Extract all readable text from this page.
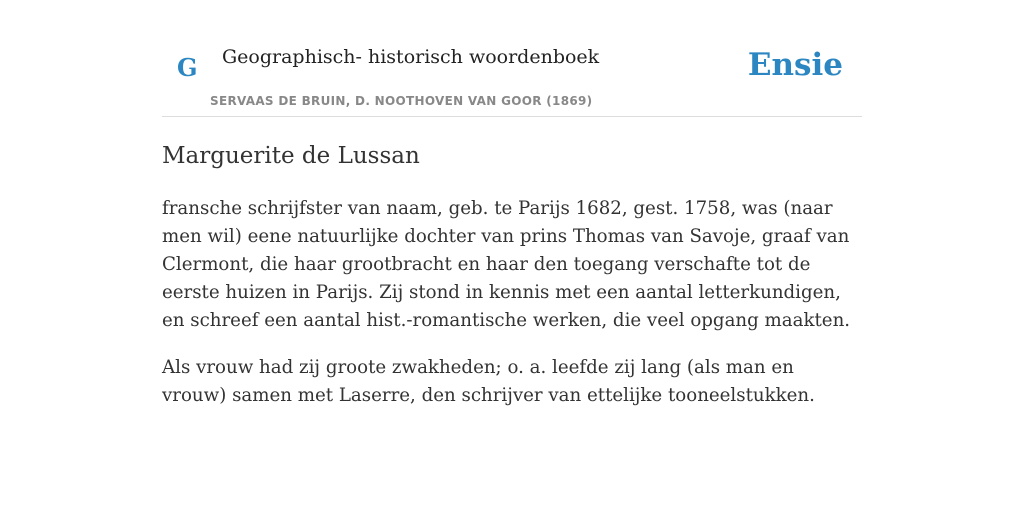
G Geographisch- historisch woordenboek
SERVAAS DE BRUIN, D. NOOTHOVEN VAN GOOR (1869)
Ensie
Marguerite de Lussan

fransche schrijfster van naam, geb. te Parijs 1682, gest. 1758, was (naar men wil) eene natuurlijke dochter van prins Thomas van Savoje, graaf van Clermont, die haar grootbracht en haar den toegang verschafte tot de eerste huizen in Parijs. Zij stond in kennis met een aantal letterkundigen, en schreef een aantal hist.-romantische werken, die veel opgang maakten.

Als vrouw had zij groote zwakheden; o. a. leefde zij lang (als man en vrouw) samen met Laserre, den schrijver van ettelijke tooneelstukken.
